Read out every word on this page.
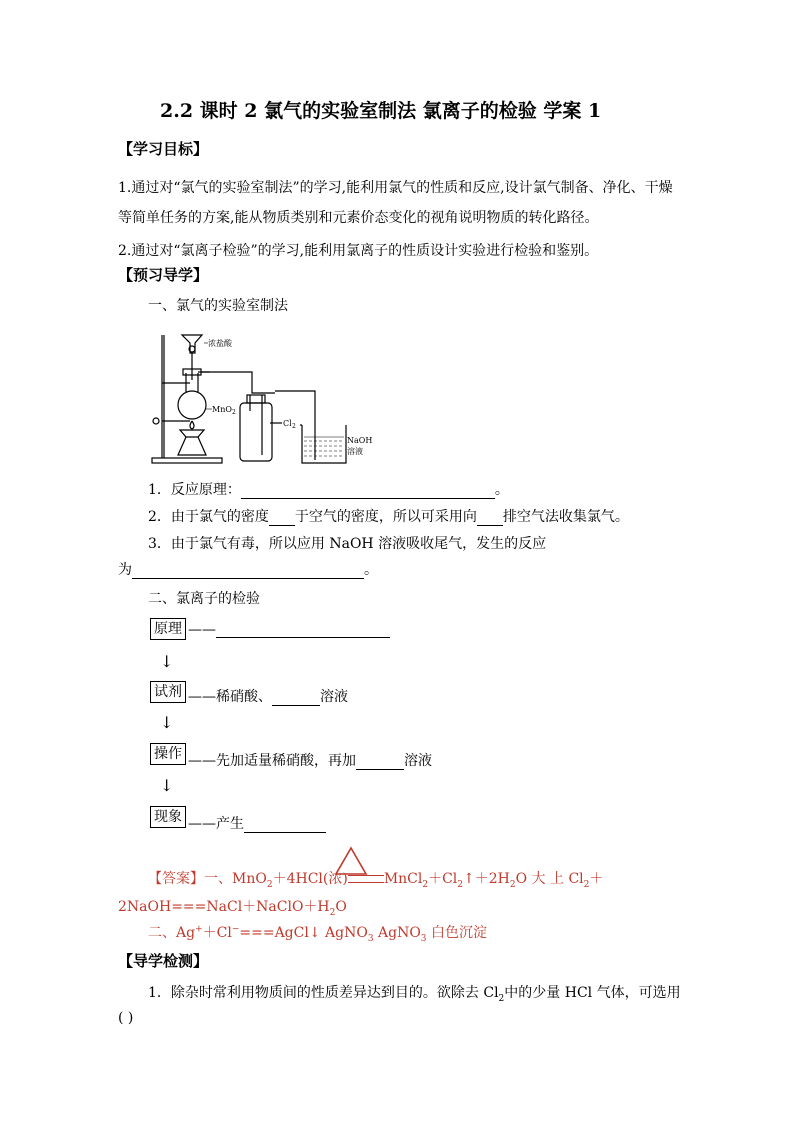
2.2 课时 2 氯气的实验室制法 氯离子的检验 学案 1
【学习目标】
1.通过对“氯气的实验室制法”的学习,能利用氯气的性质和反应,设计氯气制备、净化、干燥
等简单任务的方案,能从物质类别和元素价态变化的视角说明物质的转化路径。
2.通过对“氯离子检验”的学习,能利用氯离子的性质设计实验进行检验和鉴别。
【预习导学】
一、氯气的实验室制法
浓盐酸
MnO 2
Cl 2
NaOH
溶液
1．反应原理：	。
2．由于氯气的密度 于空气的密度，所以可采用向 排空气法收集氯气。
3．由于氯气有毒，所以应用 NaOH 溶液吸收尾气，发生的反应
为	。
二、氯离子的检验
原理 ——
↓
试剂 ——稀硝酸、	溶液
↓
操作 ——先加适量稀硝酸，再加	溶液
↓
现象 ——产生
【答案】一、MnO$_2$＋4HCl(浓)	$MnCl_2+Cl_2↑+2H_2O$ 大 上 $Cl_2+$
$2NaOH===NaCl+NaClO+H_2O$
二、Ag+＋Cl−===AgCl↓ AgNO$_3$ AgNO$_3$ 白色沉淀
【导学检测】
1．除杂时常利用物质间的性质差异达到目的。欲除去 $Cl_2$中的少量 HCl 气体，可选用
( )
